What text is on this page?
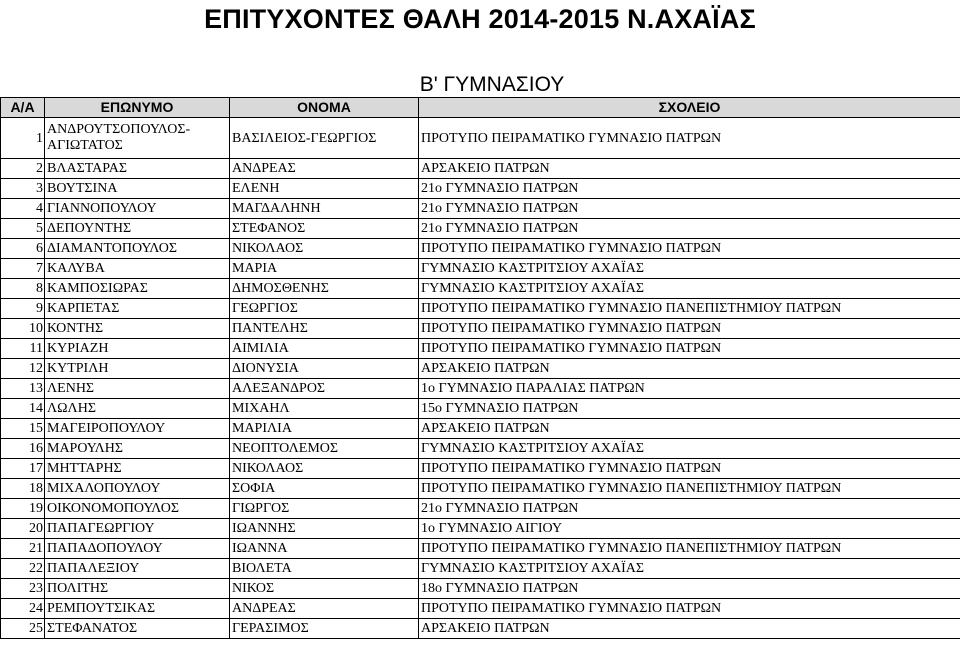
ΕΠΙΤΥΧΟΝΤΕΣ ΘΑΛΗ 2014-2015 Ν.ΑΧΑΪΑΣ
Β' ΓΥΜΝΑΣΙΟΥ
Α/Α	ΕΠΩΝΥΜΟ	ΟΝΟΜΑ	ΣΧΟΛΕΙΟ
1	ΑΝΔΡΟΥΤΣΟΠΟΥΛΟΣ-ΑΓΙΩΤΑΤΟΣ	ΒΑΣΙΛΕΙΟΣ-ΓΕΩΡΓΙΟΣ	ΠΡΟΤΥΠΟ ΠΕΙΡΑΜΑΤΙΚΟ ΓΥΜΝΑΣΙΟ ΠΑΤΡΩΝ
2	ΒΛΑΣΤΑΡΑΣ	ΑΝΔΡΕΑΣ	ΑΡΣΑΚΕΙΟ ΠΑΤΡΩΝ
3	ΒΟΥΤΣΙΝΑ	ΕΛΕΝΗ	21ο ΓΥΜΝΑΣΙΟ ΠΑΤΡΩΝ
4	ΓΙΑΝΝΟΠΟΥΛΟΥ	ΜΑΓΔΑΛΗΝΗ	21ο ΓΥΜΝΑΣΙΟ ΠΑΤΡΩΝ
5	ΔΕΠΟΥΝΤΗΣ	ΣΤΕΦΑΝΟΣ	21ο ΓΥΜΝΑΣΙΟ ΠΑΤΡΩΝ
6	ΔΙΑΜΑΝΤΟΠΟΥΛΟΣ	ΝΙΚΟΛΑΟΣ	ΠΡΟΤΥΠΟ ΠΕΙΡΑΜΑΤΙΚΟ ΓΥΜΝΑΣΙΟ ΠΑΤΡΩΝ
7	ΚΑΛΥΒΑ	ΜΑΡΙΑ	ΓΥΜΝΑΣΙΟ ΚΑΣΤΡΙΤΣΙΟΥ ΑΧΑΪΑΣ
8	ΚΑΜΠΟΣΙΩΡΑΣ	ΔΗΜΟΣΘΕΝΗΣ	ΓΥΜΝΑΣΙΟ ΚΑΣΤΡΙΤΣΙΟΥ ΑΧΑΪΑΣ
9	ΚΑΡΠΕΤΑΣ	ΓΕΩΡΓΙΟΣ	ΠΡΟΤΥΠΟ ΠΕΙΡΑΜΑΤΙΚΟ ΓΥΜΝΑΣΙΟ ΠΑΝΕΠΙΣΤΗΜΙΟΥ ΠΑΤΡΩΝ
10	ΚΟΝΤΗΣ	ΠΑΝΤΕΛΗΣ	ΠΡΟΤΥΠΟ ΠΕΙΡΑΜΑΤΙΚΟ ΓΥΜΝΑΣΙΟ ΠΑΤΡΩΝ
11	ΚΥΡΙΑΖΗ	ΑΙΜΙΛΙΑ	ΠΡΟΤΥΠΟ ΠΕΙΡΑΜΑΤΙΚΟ ΓΥΜΝΑΣΙΟ ΠΑΤΡΩΝ
12	ΚΥΤΡΙΛΗ	ΔΙΟΝΥΣΙΑ	ΑΡΣΑΚΕΙΟ ΠΑΤΡΩΝ
13	ΛΕΝΗΣ	ΑΛΕΞΑΝΔΡΟΣ	1ο ΓΥΜΝΑΣΙΟ ΠΑΡΑΛΙΑΣ ΠΑΤΡΩΝ
14	ΛΩΛΗΣ	ΜΙΧΑΗΛ	15ο ΓΥΜΝΑΣΙΟ ΠΑΤΡΩΝ
15	ΜΑΓΕΙΡΟΠΟΥΛΟΥ	ΜΑΡΙΛΙΑ	ΑΡΣΑΚΕΙΟ ΠΑΤΡΩΝ
16	ΜΑΡΟΥΛΗΣ	ΝΕΟΠΤΟΛΕΜΟΣ	ΓΥΜΝΑΣΙΟ ΚΑΣΤΡΙΤΣΙΟΥ ΑΧΑΪΑΣ
17	ΜΗΤΤΑΡΗΣ	ΝΙΚΟΛΑΟΣ	ΠΡΟΤΥΠΟ ΠΕΙΡΑΜΑΤΙΚΟ ΓΥΜΝΑΣΙΟ ΠΑΤΡΩΝ
18	ΜΙΧΑΛΟΠΟΥΛΟΥ	ΣΟΦΙΑ	ΠΡΟΤΥΠΟ ΠΕΙΡΑΜΑΤΙΚΟ ΓΥΜΝΑΣΙΟ ΠΑΝΕΠΙΣΤΗΜΙΟΥ ΠΑΤΡΩΝ
19	ΟΙΚΟΝΟΜΟΠΟΥΛΟΣ	ΓΙΩΡΓΟΣ	21ο ΓΥΜΝΑΣΙΟ ΠΑΤΡΩΝ
20	ΠΑΠΑΓΕΩΡΓΙΟΥ	ΙΩΑΝΝΗΣ	1ο ΓΥΜΝΑΣΙΟ ΑΙΓΙΟΥ
21	ΠΑΠΑΔΟΠΟΥΛΟΥ	ΙΩΑΝΝΑ	ΠΡΟΤΥΠΟ ΠΕΙΡΑΜΑΤΙΚΟ ΓΥΜΝΑΣΙΟ ΠΑΝΕΠΙΣΤΗΜΙΟΥ ΠΑΤΡΩΝ
22	ΠΑΠΑΛΕΞΙΟΥ	ΒΙΟΛΕΤΑ	ΓΥΜΝΑΣΙΟ ΚΑΣΤΡΙΤΣΙΟΥ ΑΧΑΪΑΣ
23	ΠΟΛΙΤΗΣ	ΝΙΚΟΣ	18ο ΓΥΜΝΑΣΙΟ ΠΑΤΡΩΝ
24	ΡΕΜΠΟΥΤΣΙΚΑΣ	ΑΝΔΡΕΑΣ	ΠΡΟΤΥΠΟ ΠΕΙΡΑΜΑΤΙΚΟ ΓΥΜΝΑΣΙΟ ΠΑΤΡΩΝ
25	ΣΤΕΦΑΝΑΤΟΣ	ΓΕΡΑΣΙΜΟΣ	ΑΡΣΑΚΕΙΟ ΠΑΤΡΩΝ
